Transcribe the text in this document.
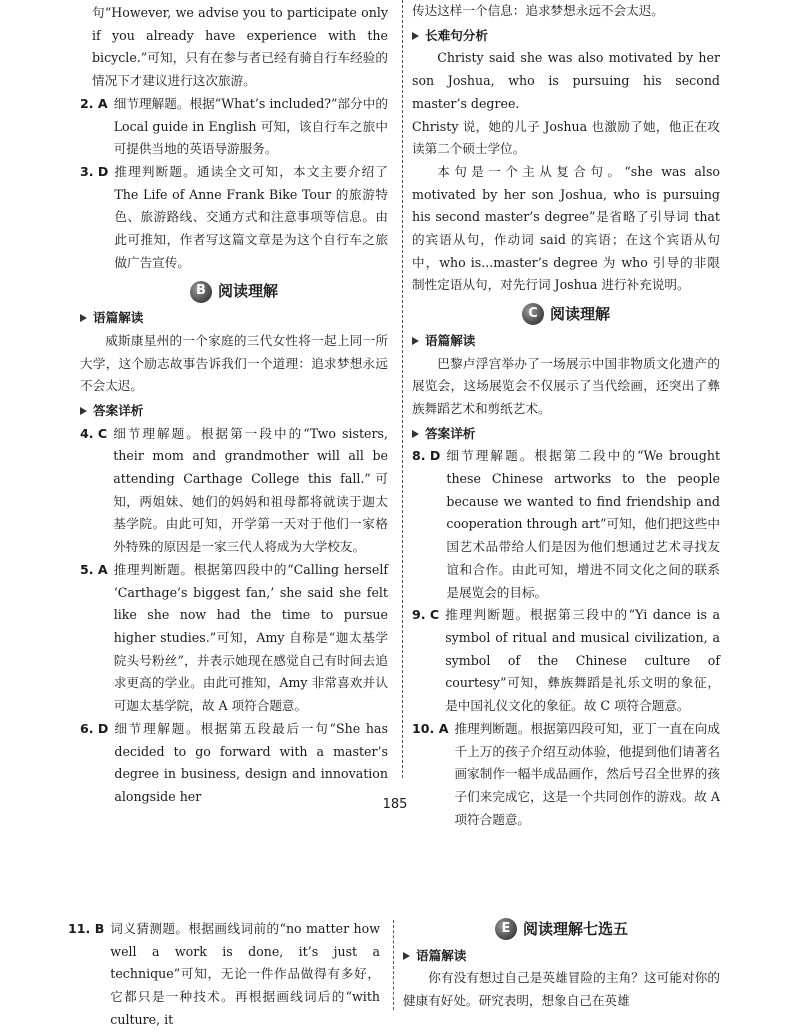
句“However, we advise you to participate only if you already have experience with the bicycle.”可知，只有在参与者已经有骑自行车经验的情况下才建议进行这次旅游。
2. A 细节理解题。根据“What’s included?”部分中的 Local guide in English 可知，该自行车之旅中可提供当地的英语导游服务。
3. D 推理判断题。通读全文可知，本文主要介绍了 The Life of Anne Frank Bike Tour 的旅游特色、旅游路线、交通方式和注意事项等信息。由此可推知，作者写这篇文章是为这个自行车之旅做广告宣传。
B 阅读理解
语篇解读
威斯康星州的一个家庭的三代女性将一起上同一所大学，这个励志故事告诉我们一个道理：追求梦想永远不会太迟。
答案详析
4. C 细节理解题。根据第一段中的“Two sisters, their mom and grandmother will all be attending Carthage College this fall.”可知，两姐妹、她们的妈妈和祖母都将就读于迦太基学院。由此可知，开学第一天对于他们一家格外特殊的原因是一家三代人将成为大学校友。
5. A 推理判断题。根据第四段中的“Calling herself ‘Carthage’s biggest fan,’ she said she felt like she now had the time to pursue higher studies.”可知，Amy 自称是“迦太基学院头号粉丝”，并表示她现在感觉自己有时间去追求更高的学业。由此可推知，Amy 非常喜欢并认可迦太基学院，故 A 项符合题意。
6. D 细节理解题。根据第五段最后一句“She has decided to go forward with a master’s degree in business, design and innovation alongside her
传达这样一个信息：追求梦想永远不会太迟。
长难句分析
Christy said she was also motivated by her son Joshua, who is pursuing his second master’s degree.
Christy 说，她的儿子 Joshua 也激励了她，他正在攻读第二个硕士学位。
本句是一个主从复合句。“she was also motivated by her son Joshua, who is pursuing his second master’s degree”是省略了引导词 that 的宾语从句，作动词 said 的宾语；在这个宾语从句中，who is...master’s degree 为 who 引导的非限制性定语从句，对先行词 Joshua 进行补充说明。
C 阅读理解
语篇解读
巴黎卢浮宫举办了一场展示中国非物质文化遗产的展览会，这场展览会不仅展示了当代绘画，还突出了彝族舞蹈艺术和剪纸艺术。
答案详析
8. D 细节理解题。根据第二段中的“We brought these Chinese artworks to the people because we wanted to find friendship and cooperation through art”可知，他们把这些中国艺术品带给人们是因为他们想通过艺术寻找友谊和合作。由此可知，增进不同文化之间的联系是展览会的目标。
9. C 推理判断题。根据第三段中的“Yi dance is a symbol of ritual and musical civilization, a symbol of the Chinese culture of courtesy”可知，彝族舞蹈是礼乐文明的象征，是中国礼仪文化的象征。故 C 项符合题意。
10. A 推理判断题。根据第四段可知，亚丁一直在向成千上万的孩子介绍互动体验，他提到他们请著名画家制作一幅半成品画作，然后号召全世界的孩子们来完成它，这是一个共同创作的游戏。故 A 项符合题意。
185
11. B 词义猜测题。根据画线词前的“no matter how well a work is done, it’s just a technique”可知，无论一件作品做得有多好，它都只是一种技术。再根据画线词后的“with culture, it
E 阅读理解七选五
语篇解读
你有没有想过自己是英雄冒险的主角？这可能对你的健康有好处。研究表明，想象自己在英雄
